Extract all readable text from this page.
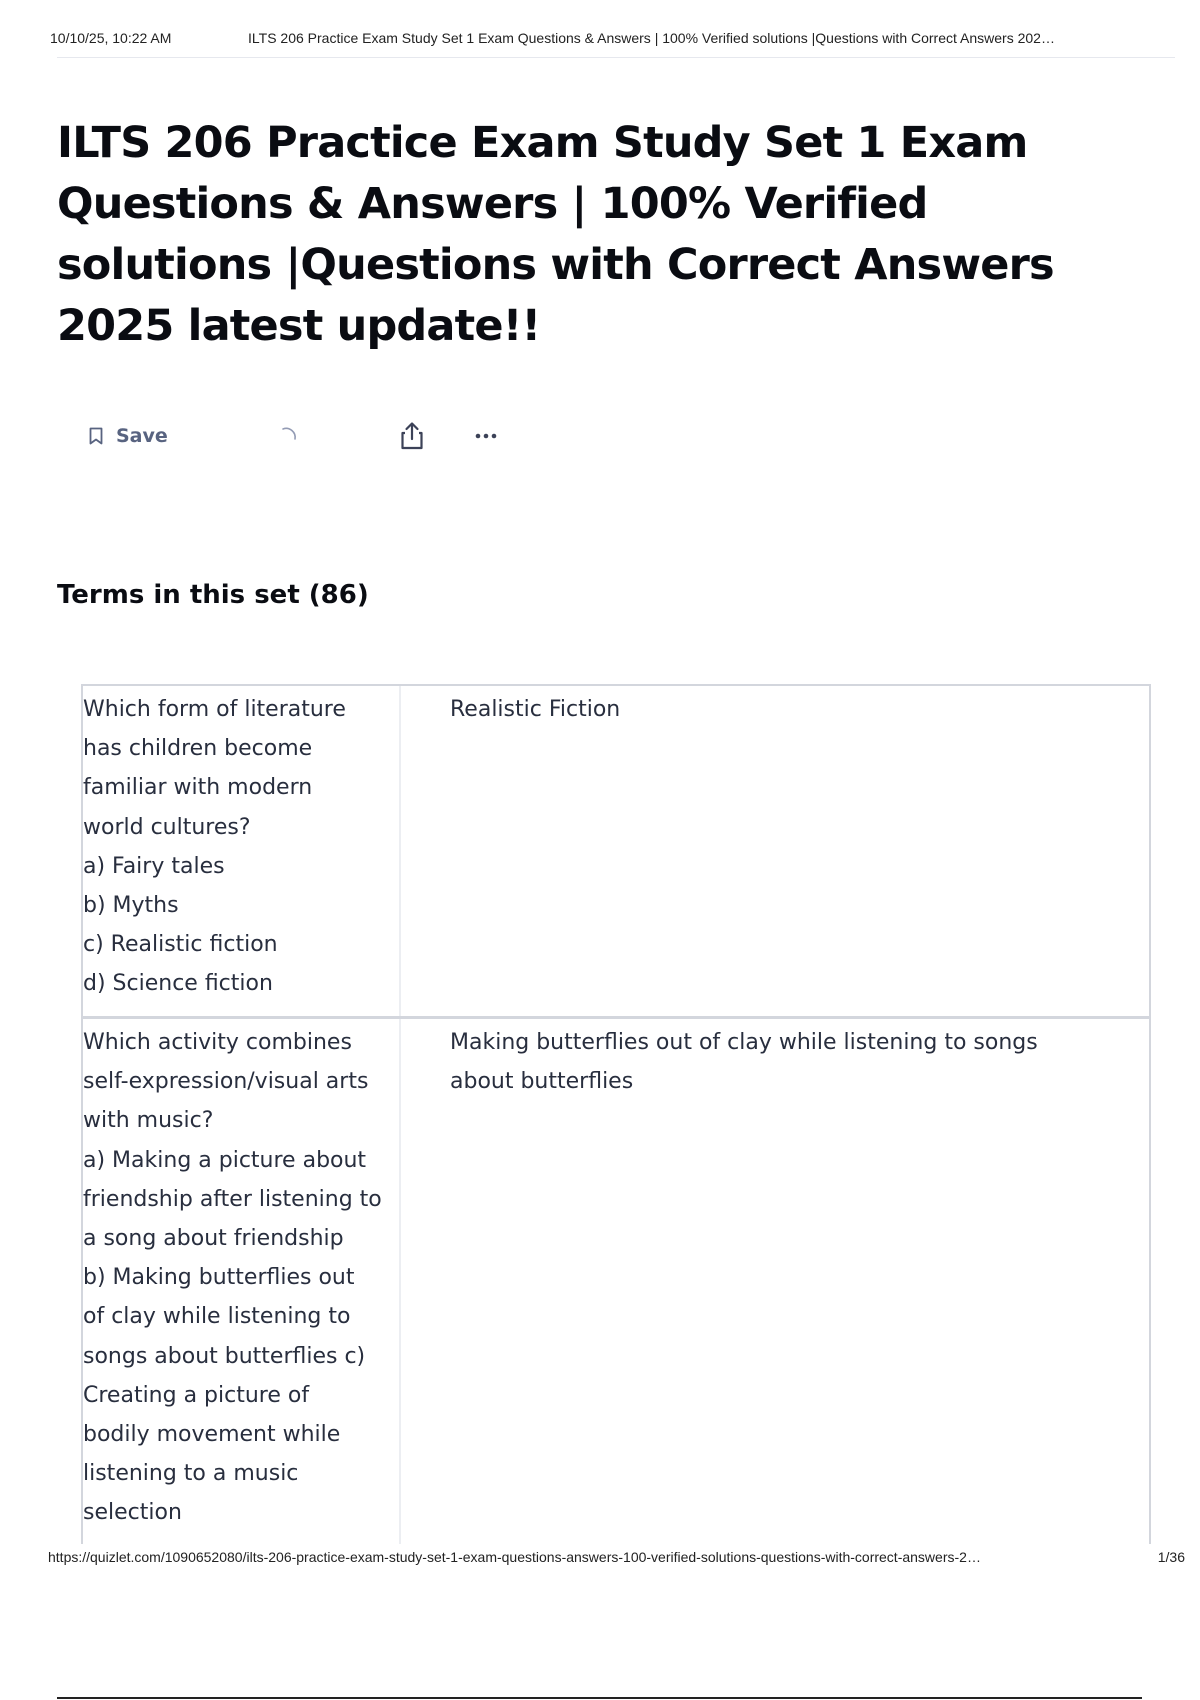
10/10/25, 10:22 AM	ILTS 206 Practice Exam Study Set 1 Exam Questions & Answers | 100% Verified solutions |Questions with Correct Answers 202…
ILTS 206 Practice Exam Study Set 1 Exam Questions & Answers | 100% Verified solutions |Questions with Correct Answers 2025 latest update!!
Save
Terms in this set (86)
Which form of literature
has children become
familiar with modern
world cultures?
a) Fairy tales
b) Myths
c) Realistic fiction
d) Science fiction
Realistic Fiction
Which activity combines
self-expression/visual arts
with music?
a) Making a picture about
friendship after listening to
a song about friendship
b) Making butterflies out
of clay while listening to
songs about butterflies c)
Creating a picture of
bodily movement while
listening to a music
selection
Making butterflies out of clay while listening to songs
about butterflies
https://quizlet.com/1090652080/ilts-206-practice-exam-study-set-1-exam-questions-answers-100-verified-solutions-questions-with-correct-answers-2…	1/36
